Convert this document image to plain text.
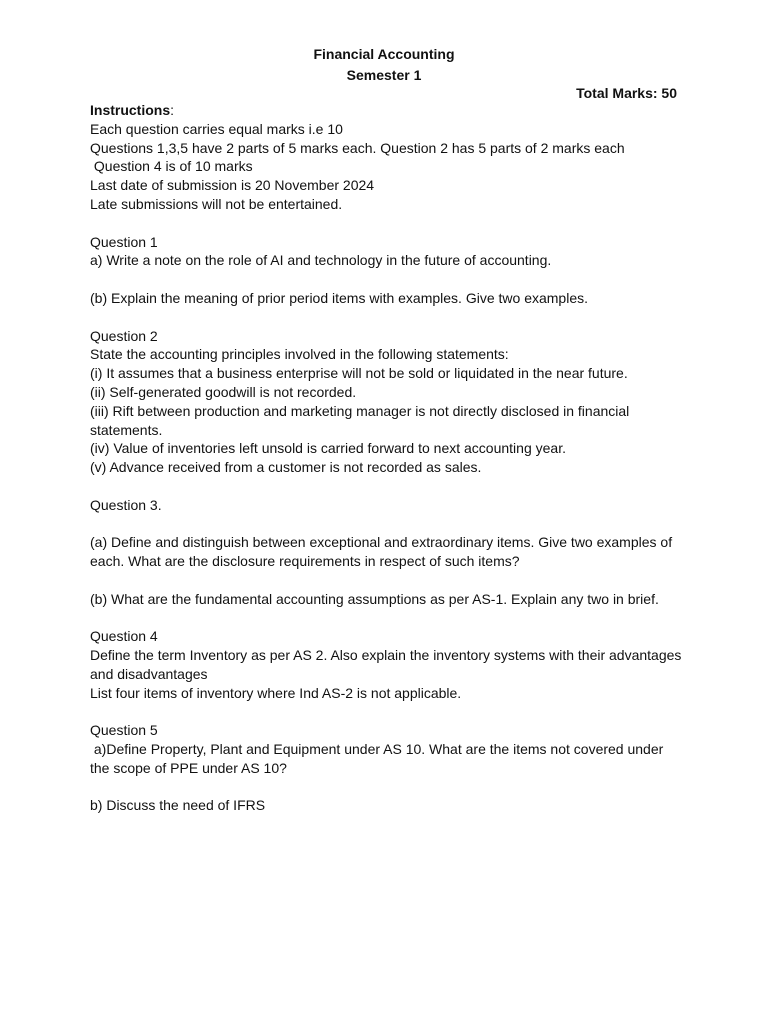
Financial Accounting
Semester 1
Total Marks: 50

Instructions:

Each question carries equal marks i.e 10

Questions 1,3,5 have 2 parts of 5 marks each. Question 2 has 5 parts of 2 marks each

Question 4 is of 10 marks

Last date of submission is 20 November 2024

Late submissions will not be entertained.

Question 1

a) Write a note on the role of AI and technology in the future of accounting.

(b) Explain the meaning of prior period items with examples. Give two examples.

Question 2

State the accounting principles involved in the following statements:

(i) It assumes that a business enterprise will not be sold or liquidated in the near future.

(ii) Self-generated goodwill is not recorded.

(iii) Rift between production and marketing manager is not directly disclosed in financial

statements.

(iv) Value of inventories left unsold is carried forward to next accounting year.

(v) Advance received from a customer is not recorded as sales.

Question 3.

(a) Define and distinguish between exceptional and extraordinary items. Give two examples of

each. What are the disclosure requirements in respect of such items?

(b) What are the fundamental accounting assumptions as per AS-1. Explain any two in brief.

Question 4

Define the term Inventory as per AS 2. Also explain the inventory systems with their advantages

and disadvantages

List four items of inventory where Ind AS-2 is not applicable.

Question 5

a)Define Property, Plant and Equipment under AS 10. What are the items not covered under

the scope of PPE under AS 10?

b) Discuss the need of IFRS
